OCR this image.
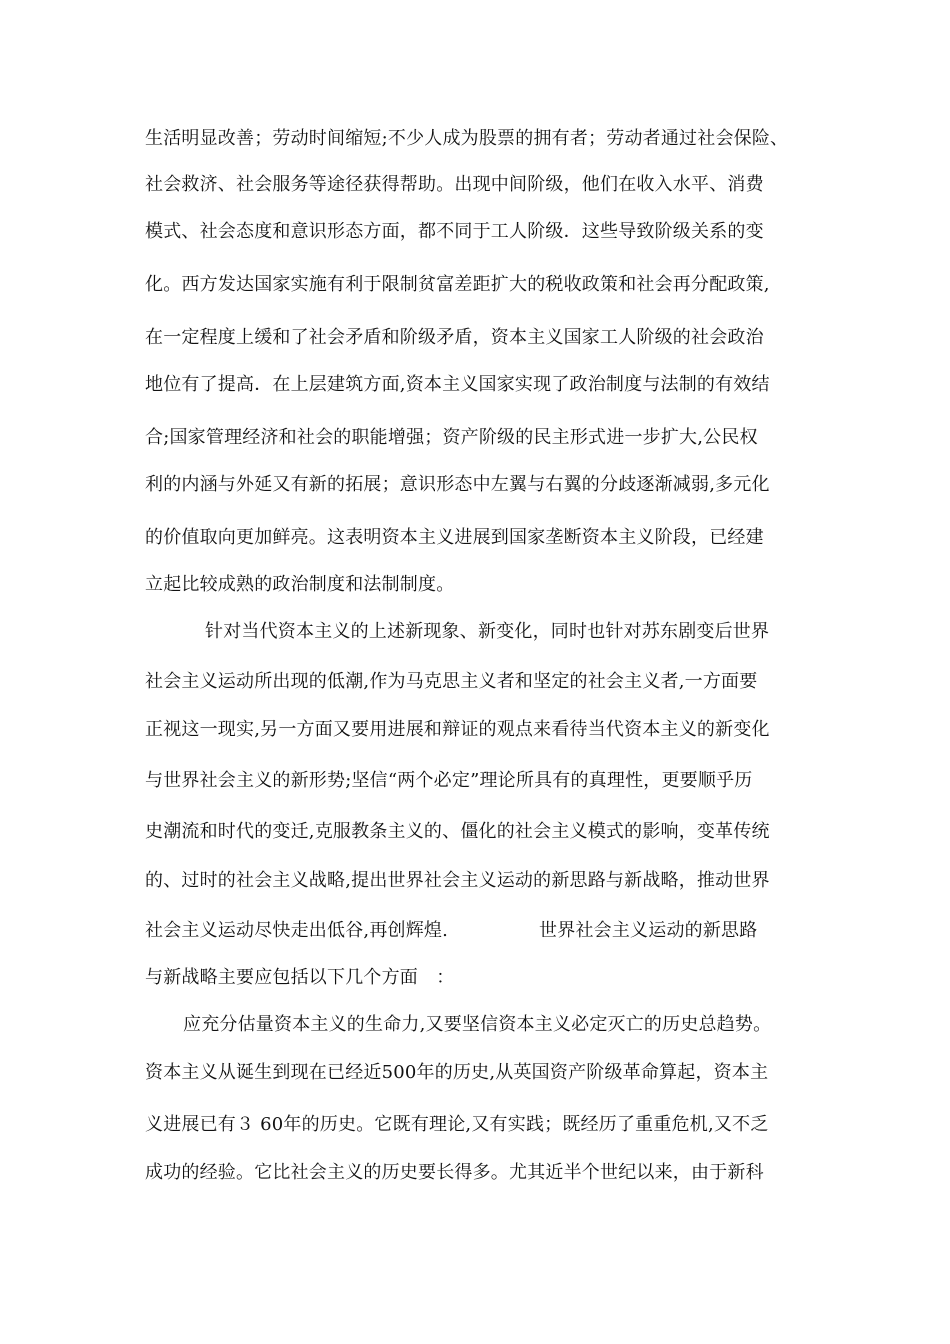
生活明显改善；劳动时间缩短;不少人成为股票的拥有者；劳动者通过社会保险、
社会救济、社会服务等途径获得帮助。出现中间阶级，他们在收入水平、消费
模式、社会态度和意识形态方面，都不同于工人阶级．这些导致阶级关系的变
化。西方发达国家实施有利于限制贫富差距扩大的税收政策和社会再分配政策,
在一定程度上缓和了社会矛盾和阶级矛盾，资本主义国家工人阶级的社会政治
地位有了提高．在上层建筑方面,资本主义国家实现了政治制度与法制的有效结
合;国家管理经济和社会的职能增强；资产阶级的民主形式进一步扩大,公民权
利的内涵与外延又有新的拓展；意识形态中左翼与右翼的分歧逐渐减弱,多元化
的价值取向更加鲜亮。这表明资本主义进展到国家垄断资本主义阶段，已经建
立起比较成熟的政治制度和法制制度。
针对当代资本主义的上述新现象、新变化，同时也针对苏东剧变后世界
社会主义运动所出现的低潮,作为马克思主义者和坚定的社会主义者,一方面要
正视这一现实,另一方面又要用进展和辩证的观点来看待当代资本主义的新变化
与世界社会主义的新形势;坚信“两个必定”理论所具有的真理性，更要顺乎历
史潮流和时代的变迁,克服教条主义的、僵化的社会主义模式的影响，变革传统
的、过时的社会主义战略,提出世界社会主义运动的新思路与新战略，推动世界
社会主义运动尽快走出低谷,再创辉煌.　　　　　世界社会主义运动的新思路
与新战略主要应包括以下几个方面　：
应充分估量资本主义的生命力,又要坚信资本主义必定灭亡的历史总趋势。
资本主义从诞生到现在已经近500年的历史,从英国资产阶级革命算起，资本主
义进展已有３ 60年的历史。它既有理论,又有实践；既经历了重重危机,又不乏
成功的经验。它比社会主义的历史要长得多。尤其近半个世纪以来，由于新科
